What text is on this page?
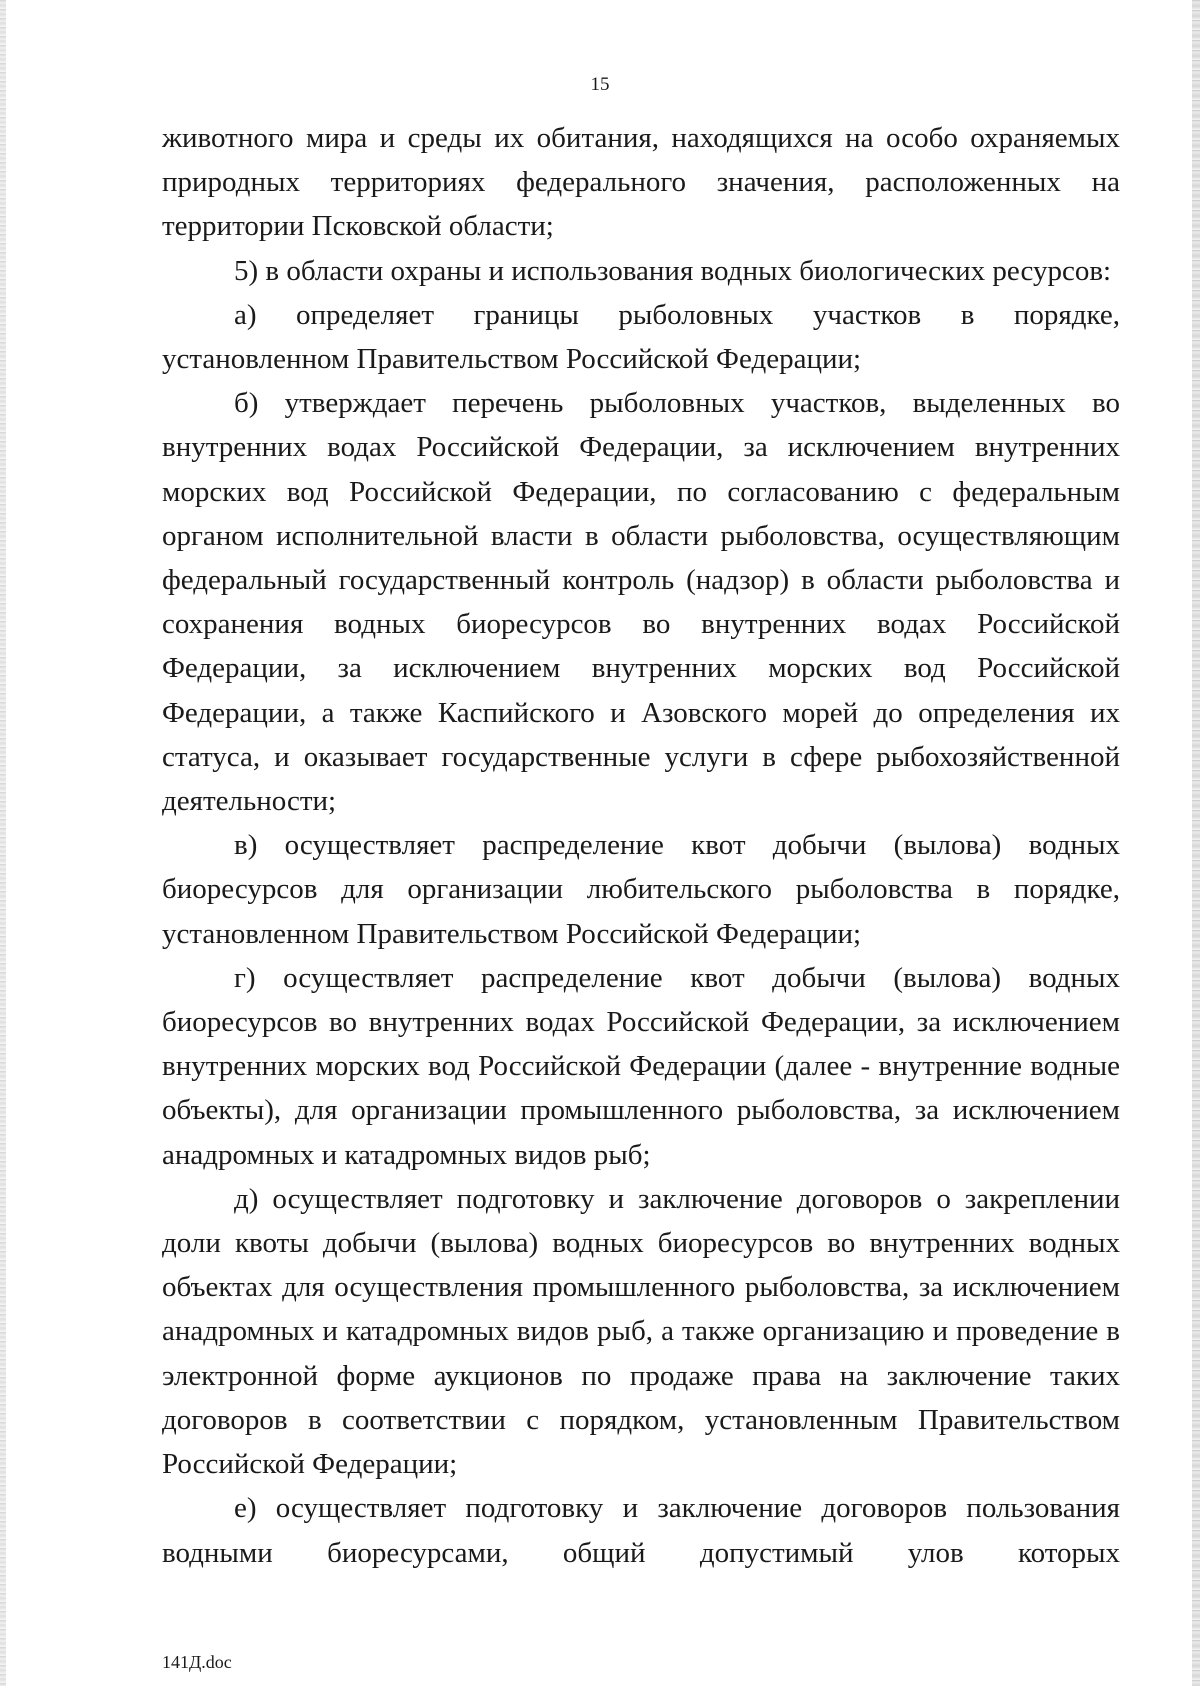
15

животного мира и среды их обитания, находящихся на особо охраняемых природных территориях федерального значения, расположенных на территории Псковской области;

5) в области охраны и использования водных биологических ресурсов:

а) определяет границы рыболовных участков в порядке, установленном Правительством Российской Федерации;

б) утверждает перечень рыболовных участков, выделенных во внутренних водах Российской Федерации, за исключением внутренних морских вод Российской Федерации, по согласованию с федеральным органом исполнительной власти в области рыболовства, осуществляющим федеральный государственный контроль (надзор) в области рыболовства и сохранения водных биоресурсов во внутренних водах Российской Федерации, за исключением внутренних морских вод Российской Федерации, а также Каспийского и Азовского морей до определения их статуса, и оказывает государственные услуги в сфере рыбохозяйственной деятельности;

в) осуществляет распределение квот добычи (вылова) водных биоресурсов для организации любительского рыболовства в порядке, установленном Правительством Российской Федерации;

г) осуществляет распределение квот добычи (вылова) водных биоресурсов во внутренних водах Российской Федерации, за исключением внутренних морских вод Российской Федерации (далее - внутренние водные объекты), для организации промышленного рыболовства, за исключением анадромных и катадромных видов рыб;

д) осуществляет подготовку и заключение договоров о закреплении доли квоты добычи (вылова) водных биоресурсов во внутренних водных объектах для осуществления промышленного рыболовства, за исключением анадромных и катадромных видов рыб, а также организацию и проведение в электронной форме аукционов по продаже права на заключение таких договоров в соответствии с порядком, установленным Правительством Российской Федерации;

е) осуществляет подготовку и заключение договоров пользования водными биоресурсами, общий допустимый улов которых

141Д.doc
